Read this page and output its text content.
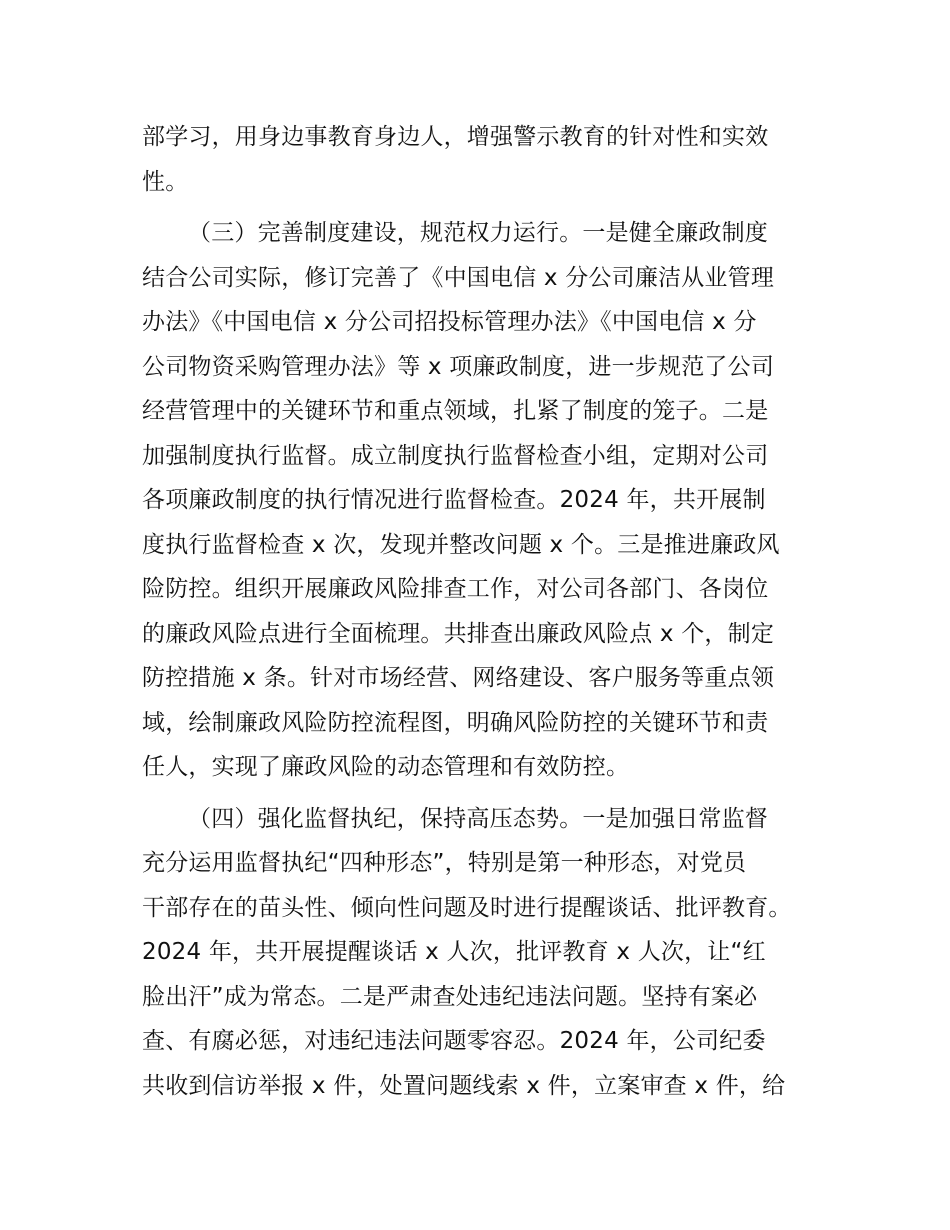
部学习，用身边事教育身边人，增强警示教育的针对性和实效
性。
（三）完善制度建设，规范权力运行。一是健全廉政制度
结合公司实际，修订完善了《中国电信 x 分公司廉洁从业管理
办法》《中国电信 x 分公司招投标管理办法》《中国电信 x 分
公司物资采购管理办法》等 x 项廉政制度，进一步规范了公司
经营管理中的关键环节和重点领域，扎紧了制度的笼子。二是
加强制度执行监督。成立制度执行监督检查小组，定期对公司
各项廉政制度的执行情况进行监督检查。2024 年，共开展制
度执行监督检查 x 次，发现并整改问题 x 个。三是推进廉政风
险防控。组织开展廉政风险排查工作，对公司各部门、各岗位
的廉政风险点进行全面梳理。共排查出廉政风险点 x 个，制定
防控措施 x 条。针对市场经营、网络建设、客户服务等重点领
域，绘制廉政风险防控流程图，明确风险防控的关键环节和责
任人，实现了廉政风险的动态管理和有效防控。
（四）强化监督执纪，保持高压态势。一是加强日常监督
充分运用监督执纪“四种形态”，特别是第一种形态，对党员
干部存在的苗头性、倾向性问题及时进行提醒谈话、批评教育。
2024 年，共开展提醒谈话 x 人次，批评教育 x 人次，让“红
脸出汗”成为常态。二是严肃查处违纪违法问题。坚持有案必
查、有腐必惩，对违纪违法问题零容忍。2024 年，公司纪委
共收到信访举报 x 件，处置问题线索 x 件，立案审查 x 件，给
